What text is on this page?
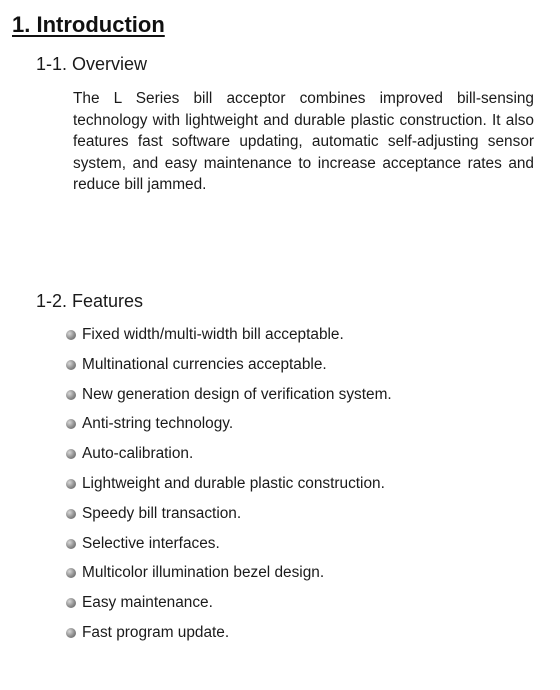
1. Introduction
1-1. Overview
The L Series bill acceptor combines improved bill-sensing technology with lightweight and durable plastic construction. It also features fast software updating, automatic self-adjusting sensor system, and easy maintenance to increase acceptance rates and reduce bill jammed.
1-2. Features
Fixed width/multi-width bill acceptable.
Multinational currencies acceptable.
New generation design of verification system.
Anti-string technology.
Auto-calibration.
Lightweight and durable plastic construction.
Speedy bill transaction.
Selective interfaces.
Multicolor illumination bezel design.
Easy maintenance.
Fast program update.
